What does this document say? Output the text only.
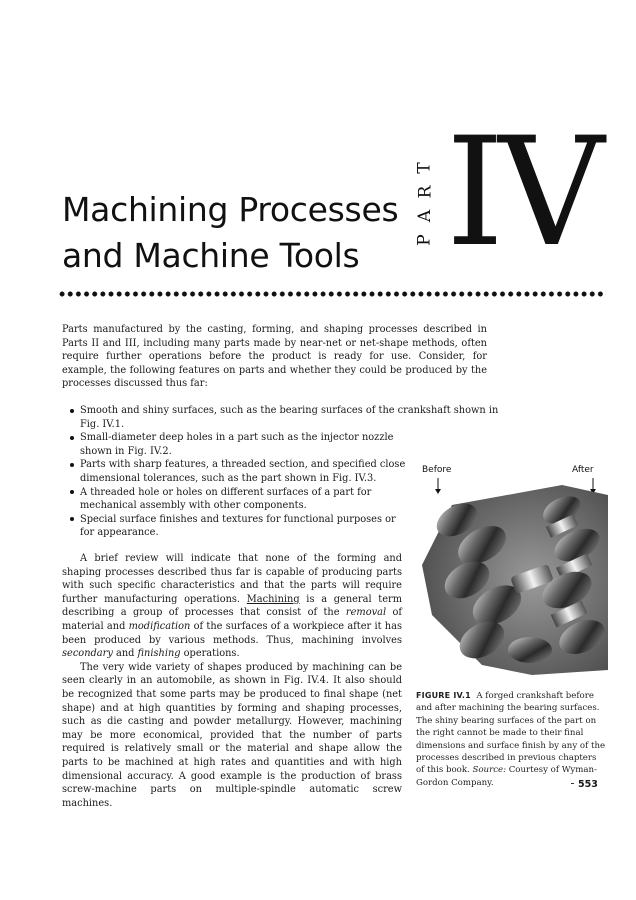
Machining Processes
and Machine Tools
T
R
A
P IV

Parts manufactured by the casting, forming, and shaping processes described in Parts II and III, including many parts made by near-net or net-shape methods, often require further operations before the product is ready for use. Consider, for example, the following features on parts and whether they could be produced by the processes discussed thus far:

Smooth and shiny surfaces, such as the bearing surfaces of the crankshaft shown in Fig. IV.1.
Small-diameter deep holes in a part such as the injector nozzle shown in Fig. IV.2.
Parts with sharp features, a threaded section, and specified close dimensional tolerances, such as the part shown in Fig. IV.3.
A threaded hole or holes on different surfaces of a part for mechanical assembly with other components.
Special surface finishes and textures for functional purposes or for appearance.

A brief review will indicate that none of the forming and shaping processes described thus far is capable of producing parts with such specific characteristics and that the parts will require further manufacturing operations. Machining is a general term describing a group of processes that consist of the removal of material and modification of the surfaces of a workpiece after it has been produced by various methods. Thus, machining involves secondary and finishing operations.

The very wide variety of shapes produced by machining can be seen clearly in an automobile, as shown in Fig. IV.4. It also should be recognized that some parts may be produced to final shape (net shape) and at high quantities by forming and shaping processes, such as die casting and powder metallurgy. However, machining may be more economical, provided that the number of parts required is relatively small or the material and shape allow the parts to be machined at high rates and quantities and with high dimensional accuracy. A good example is the production of brass screw-machine parts on multiple-spindle automatic screw machines.

Before	After

FIGURE IV.1 A forged crankshaft before and after machining the bearing surfaces. The shiny bearing surfaces of the part on the right cannot be made to their final dimensions and surface finish by any of the processes described in previous chapters of this book. Source: Courtesy of Wyman-Gordon Company.	553
